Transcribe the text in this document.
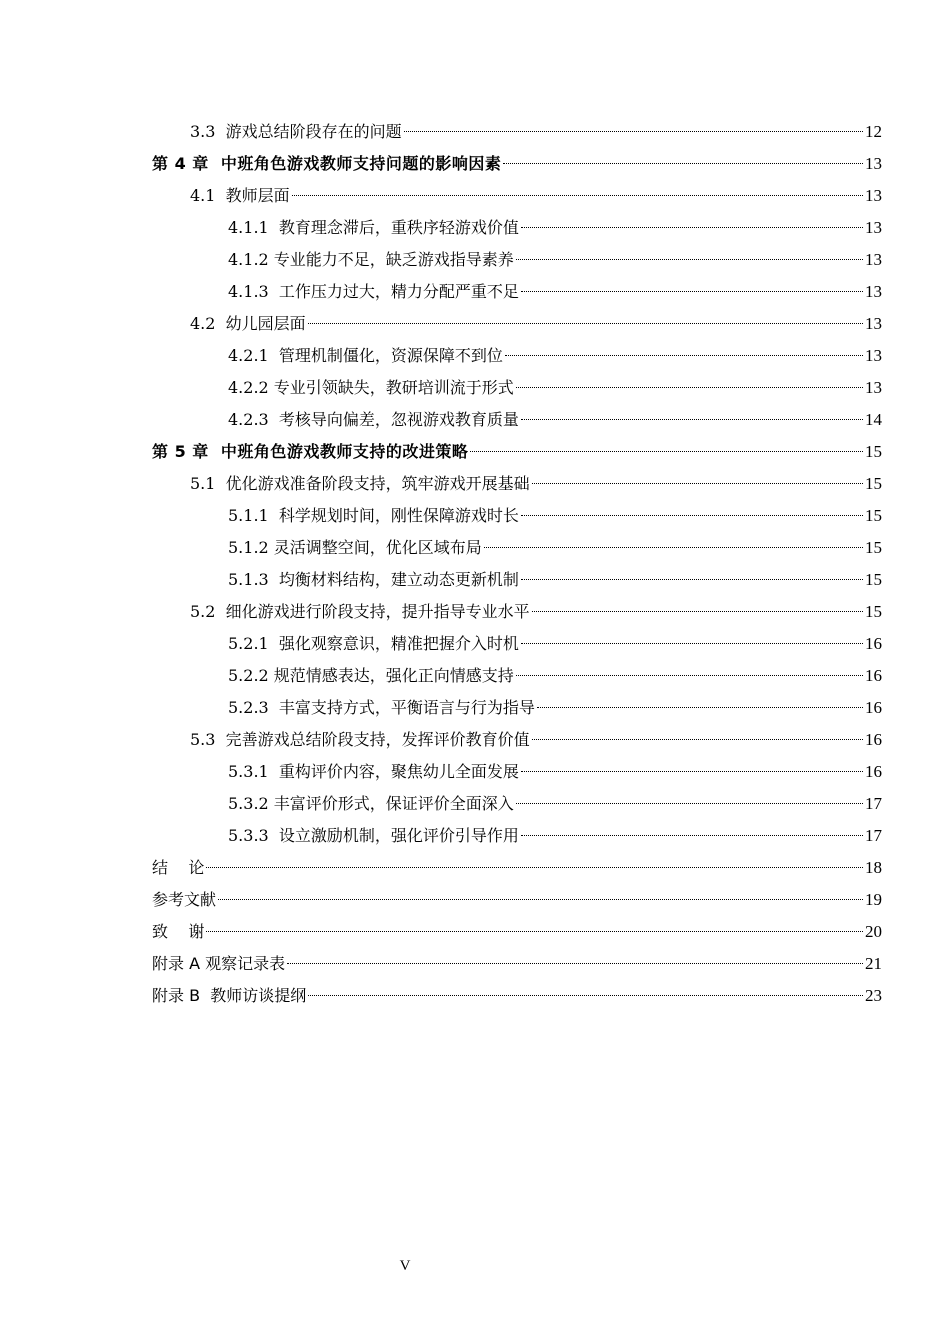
3.3  游戏总结阶段存在的问题	12
第 4 章  中班角色游戏教师支持问题的影响因素	13
4.1  教师层面	13
4.1.1  教育理念滞后，重秩序轻游戏价值	13
4.1.2 专业能力不足，缺乏游戏指导素养	13
4.1.3  工作压力过大，精力分配严重不足	13
4.2  幼儿园层面	13
4.2.1  管理机制僵化，资源保障不到位	13
4.2.2 专业引领缺失，教研培训流于形式	13
4.2.3  考核导向偏差，忽视游戏教育质量	14
第 5 章  中班角色游戏教师支持的改进策略	15
5.1  优化游戏准备阶段支持，筑牢游戏开展基础	15
5.1.1  科学规划时间，刚性保障游戏时长	15
5.1.2 灵活调整空间，优化区域布局	15
5.1.3  均衡材料结构，建立动态更新机制	15
5.2  细化游戏进行阶段支持，提升指导专业水平	15
5.2.1  强化观察意识，精准把握介入时机	16
5.2.2 规范情感表达，强化正向情感支持	16
5.2.3  丰富支持方式，平衡语言与行为指导	16
5.3  完善游戏总结阶段支持，发挥评价教育价值	16
5.3.1  重构评价内容，聚焦幼儿全面发展	16
5.3.2 丰富评价形式，保证评价全面深入	17
5.3.3  设立激励机制，强化评价引导作用	17
结    论	18
参考文献	19
致    谢	20
附录 A 观察记录表	21
附录 B  教师访谈提纲	23
V
